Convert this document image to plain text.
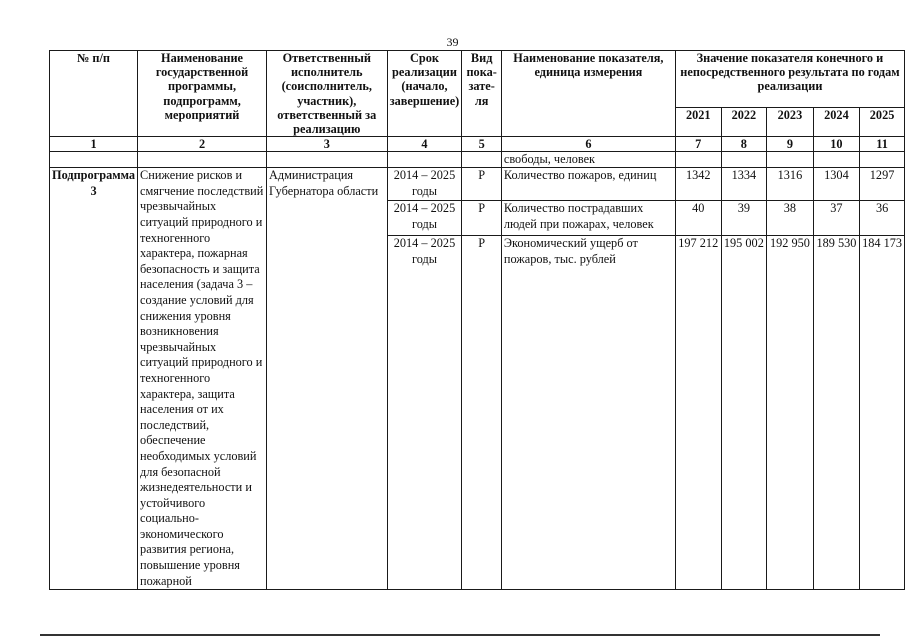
39
№ п/п	Наименование государственной программы, подпрограмм, мероприятий	Ответственный исполнитель (соисполнитель, участник), ответственный за реализацию	Срок реализации (начало, завершение)	Вид пока-зате-ля	Наименование показателя, единица измерения	Значение показателя конечного и непосредственного результата по годам реализации				
						2021	2022	2023	2024	2025
1	2	3	4	5	6	7	8	9	10	11
					свободы, человек					
Подпрограмма 3	Снижение рисков и смягчение последствий чрезвычайных ситуаций природного и техногенного характера, пожарная безопасность и защита населения (задача 3 – создание условий для снижения уровня возникновения чрезвычайных ситуаций природного и техногенного характера, защита населения от их последствий, обеспечение необходимых условий для безопасной жизнедеятельности и устойчивого социально-экономического развития региона, повышение уровня пожарной	Администрация Губернатора области	2014 – 2025 годы	Р	Количество пожаров, единиц	1342	1334	1316	1304	1297
			2014 – 2025 годы	Р	Количество пострадавших людей при пожарах, человек	40	39	38	37	36
			2014 – 2025 годы	Р	Экономический ущерб от пожаров, тыс. рублей	197 212	195 002	192 950	189 530	184 173
